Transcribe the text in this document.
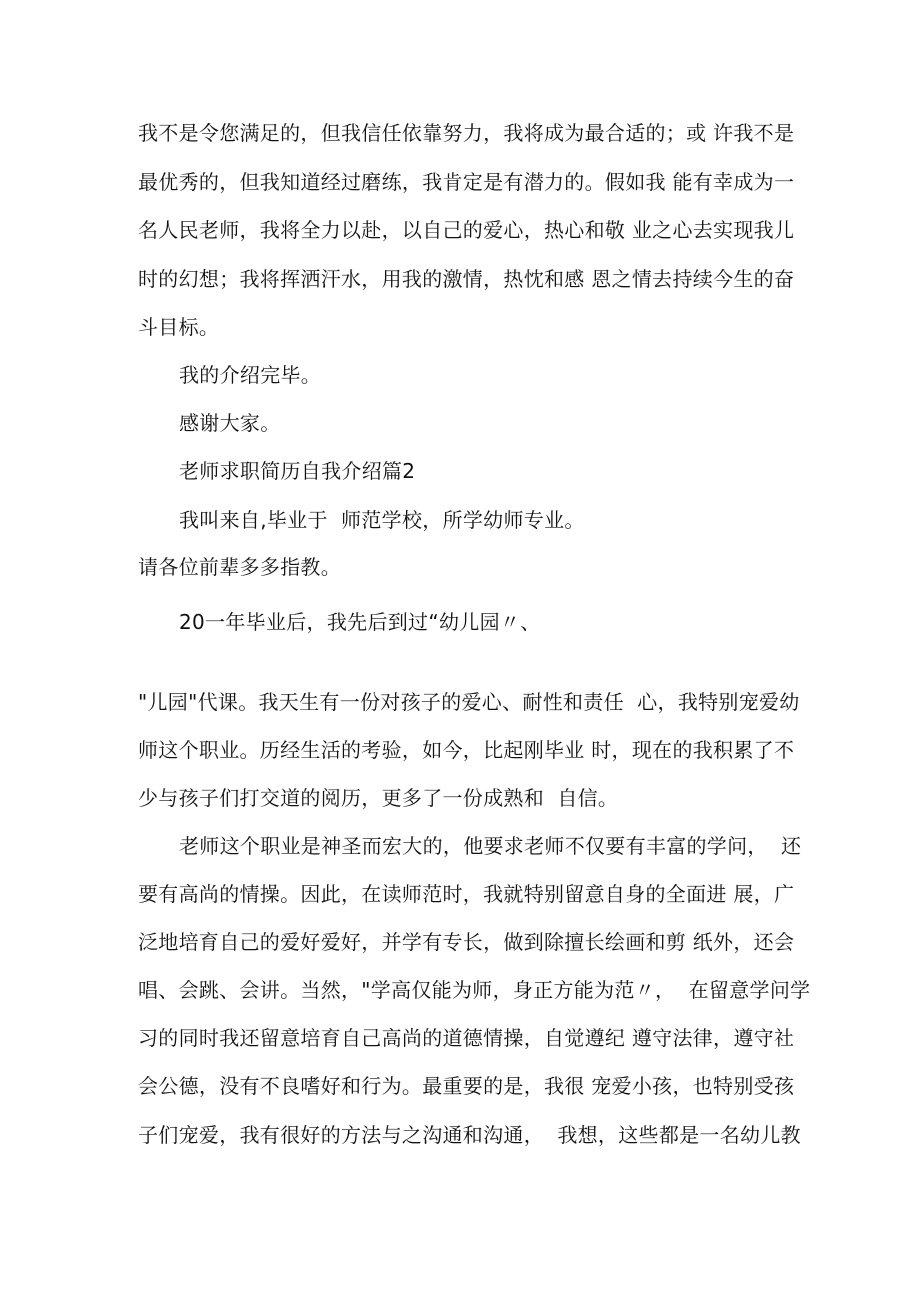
我不是令您满足的，但我信任依靠努力，我将成为最合适的；或 许我不是
最优秀的，但我知道经过磨练，我肯定是有潜力的。假如我 能有幸成为一
名人民老师，我将全力以赴，以自己的爱心，热心和敬 业之心去实现我儿
时的幻想；我将挥洒汗水，用我的激情，热忱和感 恩之情去持续今生的奋
斗目标。
我的介绍完毕。
感谢大家。
老师求职简历自我介绍篇2
我叫来自,毕业于  师范学校，所学幼师专业。
请各位前辈多多指教。
20一年毕业后，我先后到过“幼儿园〃、
"儿园"代课。我天生有一份对孩子的爱心、耐性和责任  心，我特别宠爱幼
师这个职业。历经生活的考验，如今，比起刚毕业 时，现在的我积累了不
少与孩子们打交道的阅历，更多了一份成熟和  自信。
老师这个职业是神圣而宏大的，他要求老师不仅要有丰富的学问，  还
要有高尚的情操。因此，在读师范时，我就特别留意自身的全面进 展，广
泛地培育自己的爱好爱好，并学有专长，做到除擅长绘画和剪 纸外，还会
唱、会跳、会讲。当然，"学高仅能为师，身正方能为范〃，  在留意学问学
习的同时我还留意培育自己高尚的道德情操，自觉遵纪 遵守法律，遵守社
会公德，没有不良嗜好和行为。最重要的是，我很 宠爱小孩，也特别受孩
子们宠爱，我有很好的方法与之沟通和沟通，  我想，这些都是一名幼儿教
